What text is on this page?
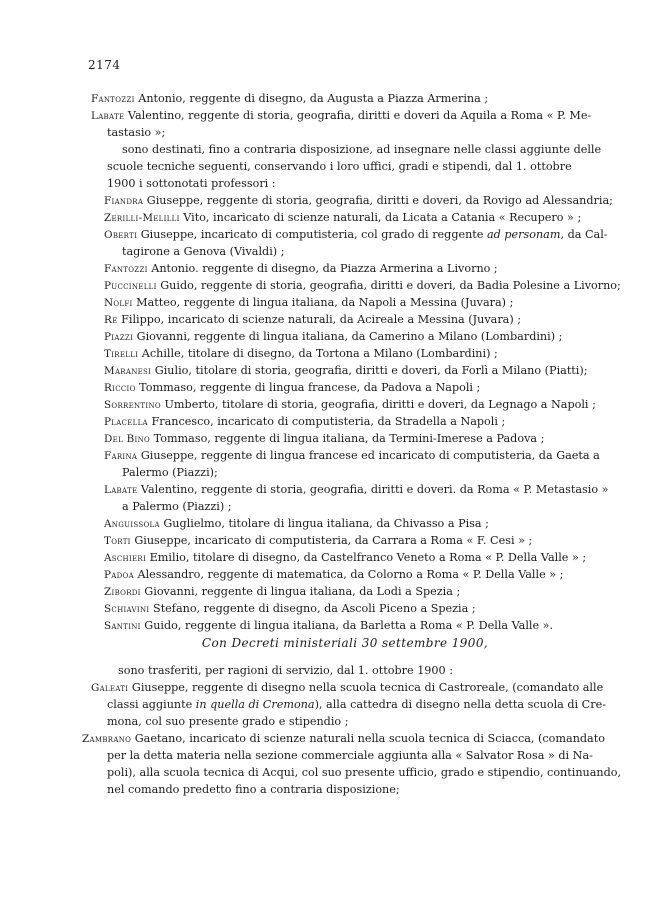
2174
Fantozzi Antonio, reggente di disegno, da Augusta a Piazza Armerina ;
Labate Valentino, reggente di storia, geografia, diritti e doveri da Aquila a Roma « P. Me-
tastasio »;
sono destinati, fino a contraria disposizione, ad insegnare nelle classi aggiunte delle
scuole tecniche seguenti, conservando i loro uffici, gradi e stipendi, dal 1. ottobre
1900 i sottonotati professori :
Fiandra Giuseppe, reggente di storia, geografia, diritti e doveri, da Rovigo ad Alessandria;
Zerilli-Melilli Vito, incaricato di scienze naturali, da Licata a Catania « Recupero » ;
Oberti Giuseppe, incaricato di computisteria, col grado di reggente ad personam, da Cal-
tagirone a Genova (Vivaldi) ;
Fantozzi Antonio. reggente di disegno, da Piazza Armerina a Livorno ;
Puccinelli Guido, reggente di storia, geografia, diritti e doveri, da Badia Polesine a Livorno;
Nolfi Matteo, reggente di lingua italiana, da Napoli a Messina (Juvara) ;
Re Filippo, incaricato di scienze naturali, da Acireale a Messina (Juvara) ;
Piazzi Giovanni, reggente di lingua italiana, da Camerino a Milano (Lombardini) ;
Tirelli Achille, titolare di disegno, da Tortona a Milano (Lombardini) ;
Maranesi Giulio, titolare di storia, geografia, diritti e doveri, da Forlì a Milano (Piatti);
Riccio Tommaso, reggente di lingua francese, da Padova a Napoli ;
Sorrentino Umberto, titolare di storia, geografia, diritti e doveri, da Legnago a Napoli ;
Placella Francesco, incaricato di computisteria, da Stradella a Napoli ;
Del Bino Tommaso, reggente di lingua italiana, da Termini-Imerese a Padova ;
Farina Giuseppe, reggente di lingua francese ed incaricato di computisteria, da Gaeta a
Palermo (Piazzi);
Labate Valentino, reggente di storia, geografia, diritti e doveri. da Roma « P. Metastasio »
a Palermo (Piazzi) ;
Anguissola Guglielmo, titolare di lingua italiana, da Chivasso a Pisa ;
Torti Giuseppe, incaricato di computisteria, da Carrara a Roma « F. Cesi » ;
Aschieri Emilio, titolare di disegno, da Castelfranco Veneto a Roma « P. Della Valle » ;
Padoa Alessandro, reggente di matematica, da Colorno a Roma « P. Della Valle » ;
Zibordi Giovanni, reggente di lingua italiana, da Lodi a Spezia ;
Schiavini Stefano, reggente di disegno, da Ascoli Piceno a Spezia ;
Santini Guido, reggente di lingua italiana, da Barletta a Roma « P. Della Valle ».
Con Decreti ministeriali 30 settembre 1900,
sono trasferiti, per ragioni di servizio, dal 1. ottobre 1900 :
Galeati Giuseppe, reggente di disegno nella scuola tecnica di Castroreale, (comandato alle
classi aggiunte in quella di Cremona), alla cattedra di disegno nella detta scuola di Cre-
mona, col suo presente grado e stipendio ;
Zambrano Gaetano, incaricato di scienze naturali nella scuola tecnica di Sciacca, (comandato
per la detta materia nella sezione commerciale aggiunta alla « Salvator Rosa » di Na-
poli), alla scuola tecnica di Acqui, col suo presente ufficio, grado e stipendio, continuando,
nel comando predetto fino a contraria disposizione;
